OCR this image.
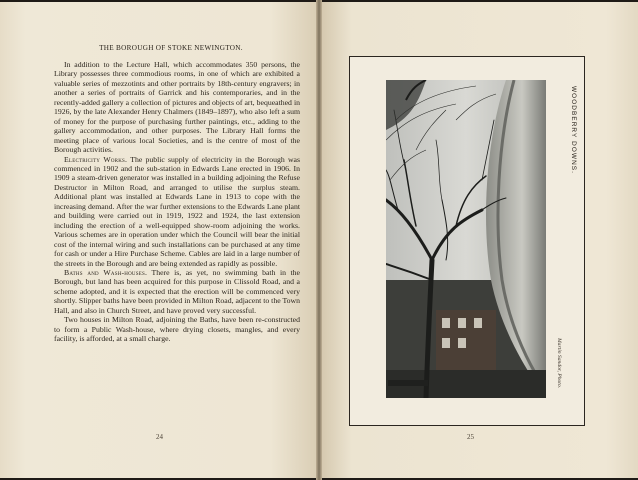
THE BOROUGH OF STOKE NEWINGTON.

In addition to the Lecture Hall, which accommodates 350 persons, the Library possesses three commodious rooms, in one of which are exhibited a valuable series of mezzotints and other portraits by 18th-century engravers; in another a series of portraits of Garrick and his contemporaries, and in the recently-added gallery a collection of pictures and objects of art, bequeathed in 1926, by the late Alexander Henry Chalmers (1849–1897), who also left a sum of money for the purpose of purchasing further paintings, etc., adding to the gallery accommodation, and other purposes. The Library Hall forms the meeting place of various local Societies, and is the centre of most of the Borough activities.

Electricity Works. The public supply of electricity in the Borough was commenced in 1902 and the sub-station in Edwards Lane erected in 1906. In 1909 a steam-driven generator was installed in a building adjoining the Refuse Destructor in Milton Road, and arranged to utilise the surplus steam. Additional plant was installed at Edwards Lane in 1913 to cope with the increasing demand. After the war further extensions to the Edwards Lane plant and building were carried out in 1919, 1922 and 1924, the last extension including the erection of a well-equipped show-room adjoining the works. Various schemes are in operation under which the Council will bear the initial cost of the internal wiring and such installations can be purchased at any time for cash or under a Hire Purchase Scheme. Cables are laid in a large number of the streets in the Borough and are being extended as rapidly as possible.

Baths and Wash-houses. There is, as yet, no swimming bath in the Borough, but land has been acquired for this purpose in Clissold Road, and a scheme adopted, and it is expected that the erection will be commenced very shortly. Slipper baths have been provided in Milton Road, adjacent to the Town Hall, and also in Church Street, and have proved very successful.

Two houses in Milton Road, adjoining the Baths, have been re-constructed to form a Public Wash-house, where drying closets, mangles, and every facility, is afforded, at a small charge.

24
WOODBERRY DOWNS.
Martin Sandor, Photo.
25
